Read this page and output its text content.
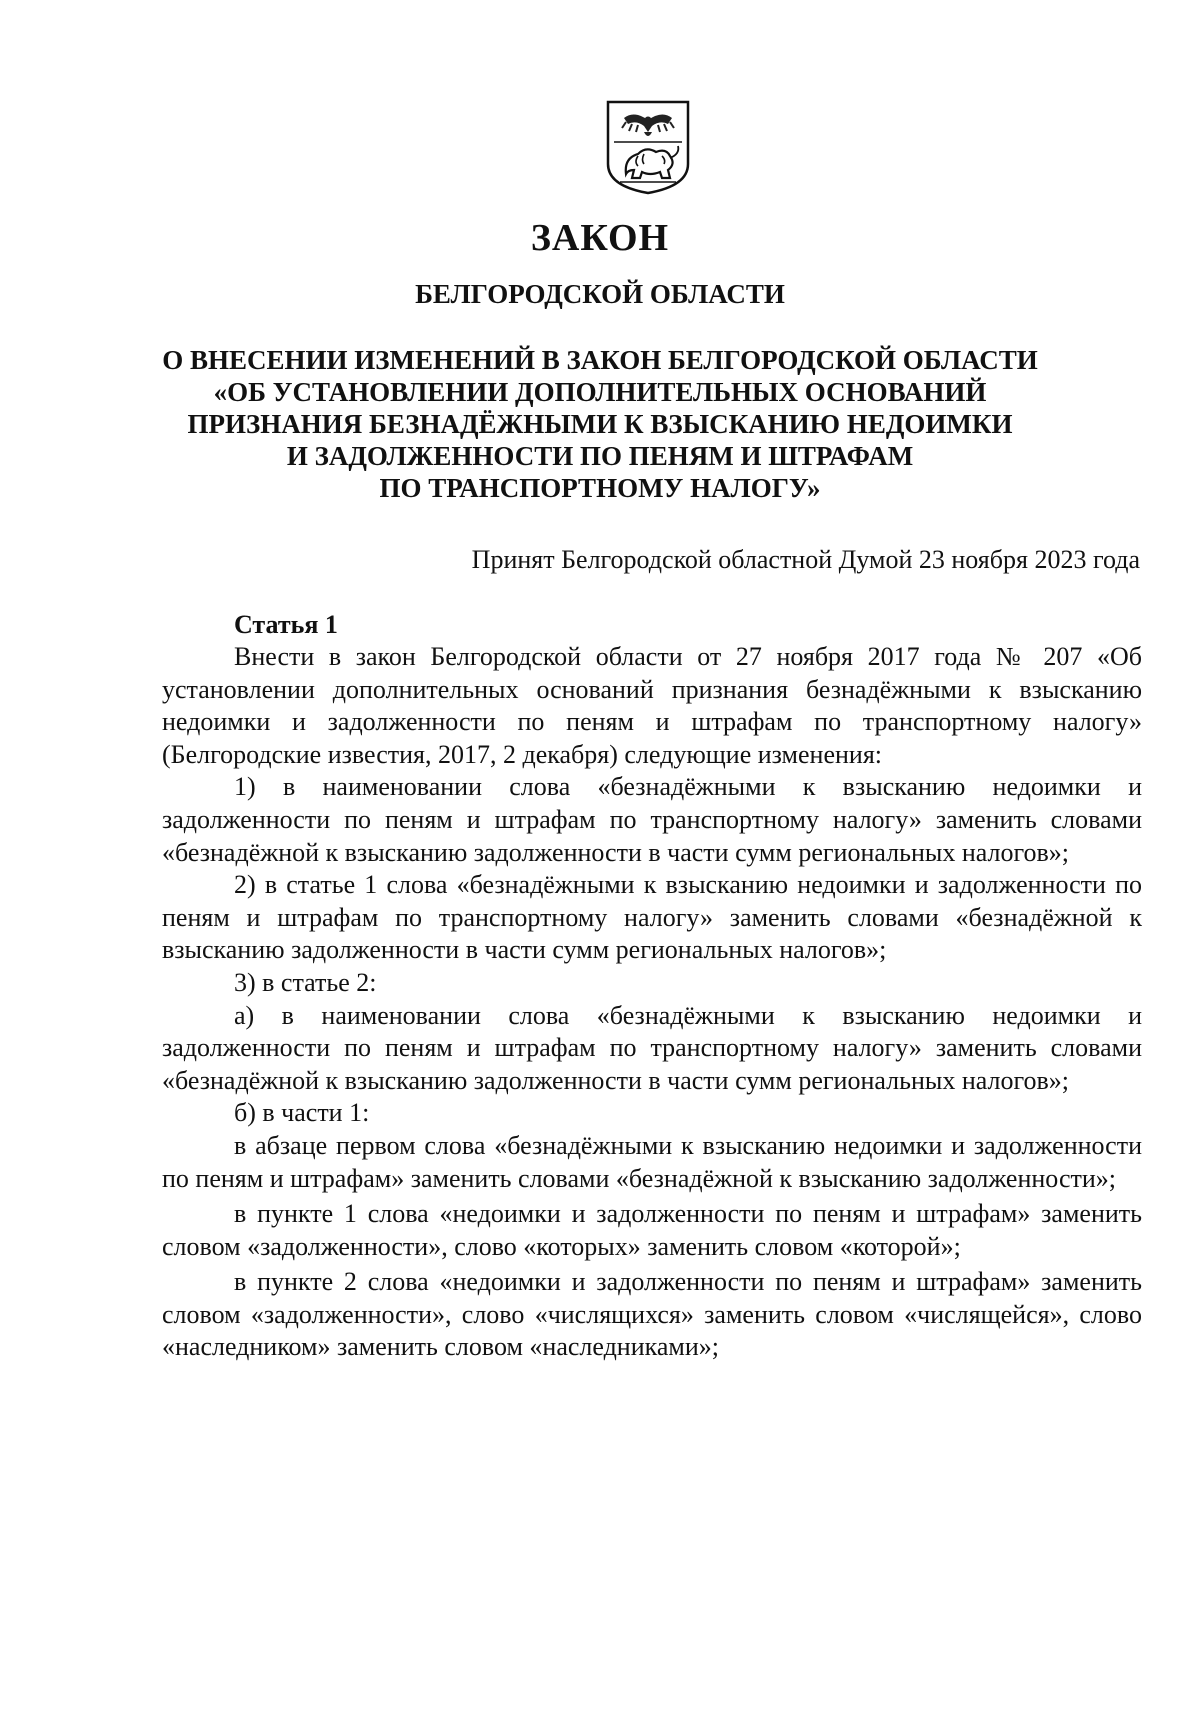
ЗАКОН
БЕЛГОРОДСКОЙ ОБЛАСТИ
О ВНЕСЕНИИ ИЗМЕНЕНИЙ В ЗАКОН БЕЛГОРОДСКОЙ ОБЛАСТИ
«ОБ УСТАНОВЛЕНИИ ДОПОЛНИТЕЛЬНЫХ ОСНОВАНИЙ
ПРИЗНАНИЯ БЕЗНАДЁЖНЫМИ К ВЗЫСКАНИЮ НЕДОИМКИ
И ЗАДОЛЖЕННОСТИ ПО ПЕНЯМ И ШТРАФАМ
ПО ТРАНСПОРТНОМУ НАЛОГУ»
Принят Белгородской областной Думой 23 ноября 2023 года
Статья 1

Внести в закон Белгородской области от 27 ноября 2017 года № 207 «Об установлении дополнительных оснований признания безнадёжными к взысканию недоимки и задолженности по пеням и штрафам по транспортному налогу» (Белгородские известия, 2017, 2 декабря) следующие изменения:

1) в наименовании слова «безнадёжными к взысканию недоимки и задолженности по пеням и штрафам по транспортному налогу» заменить словами «безнадёжной к взысканию задолженности в части сумм региональных налогов»;

2) в статье 1 слова «безнадёжными к взысканию недоимки и задолженности по пеням и штрафам по транспортному налогу» заменить словами «безнадёжной к взысканию задолженности в части сумм региональных налогов»;

3) в статье 2:

а) в наименовании слова «безнадёжными к взысканию недоимки и задолженности по пеням и штрафам по транспортному налогу» заменить словами «безнадёжной к взысканию задолженности в части сумм региональных налогов»;

б) в части 1:

в абзаце первом слова «безнадёжными к взысканию недоимки и задолженности по пеням и штрафам» заменить словами «безнадёжной к взысканию задолженности»;

в пункте 1 слова «недоимки и задолженности по пеням и штрафам» заменить словом «задолженности», слово «которых» заменить словом «которой»;

в пункте 2 слова «недоимки и задолженности по пеням и штрафам» заменить словом «задолженности», слово «числящихся» заменить словом «числящейся», слово «наследником» заменить словом «наследниками»;
